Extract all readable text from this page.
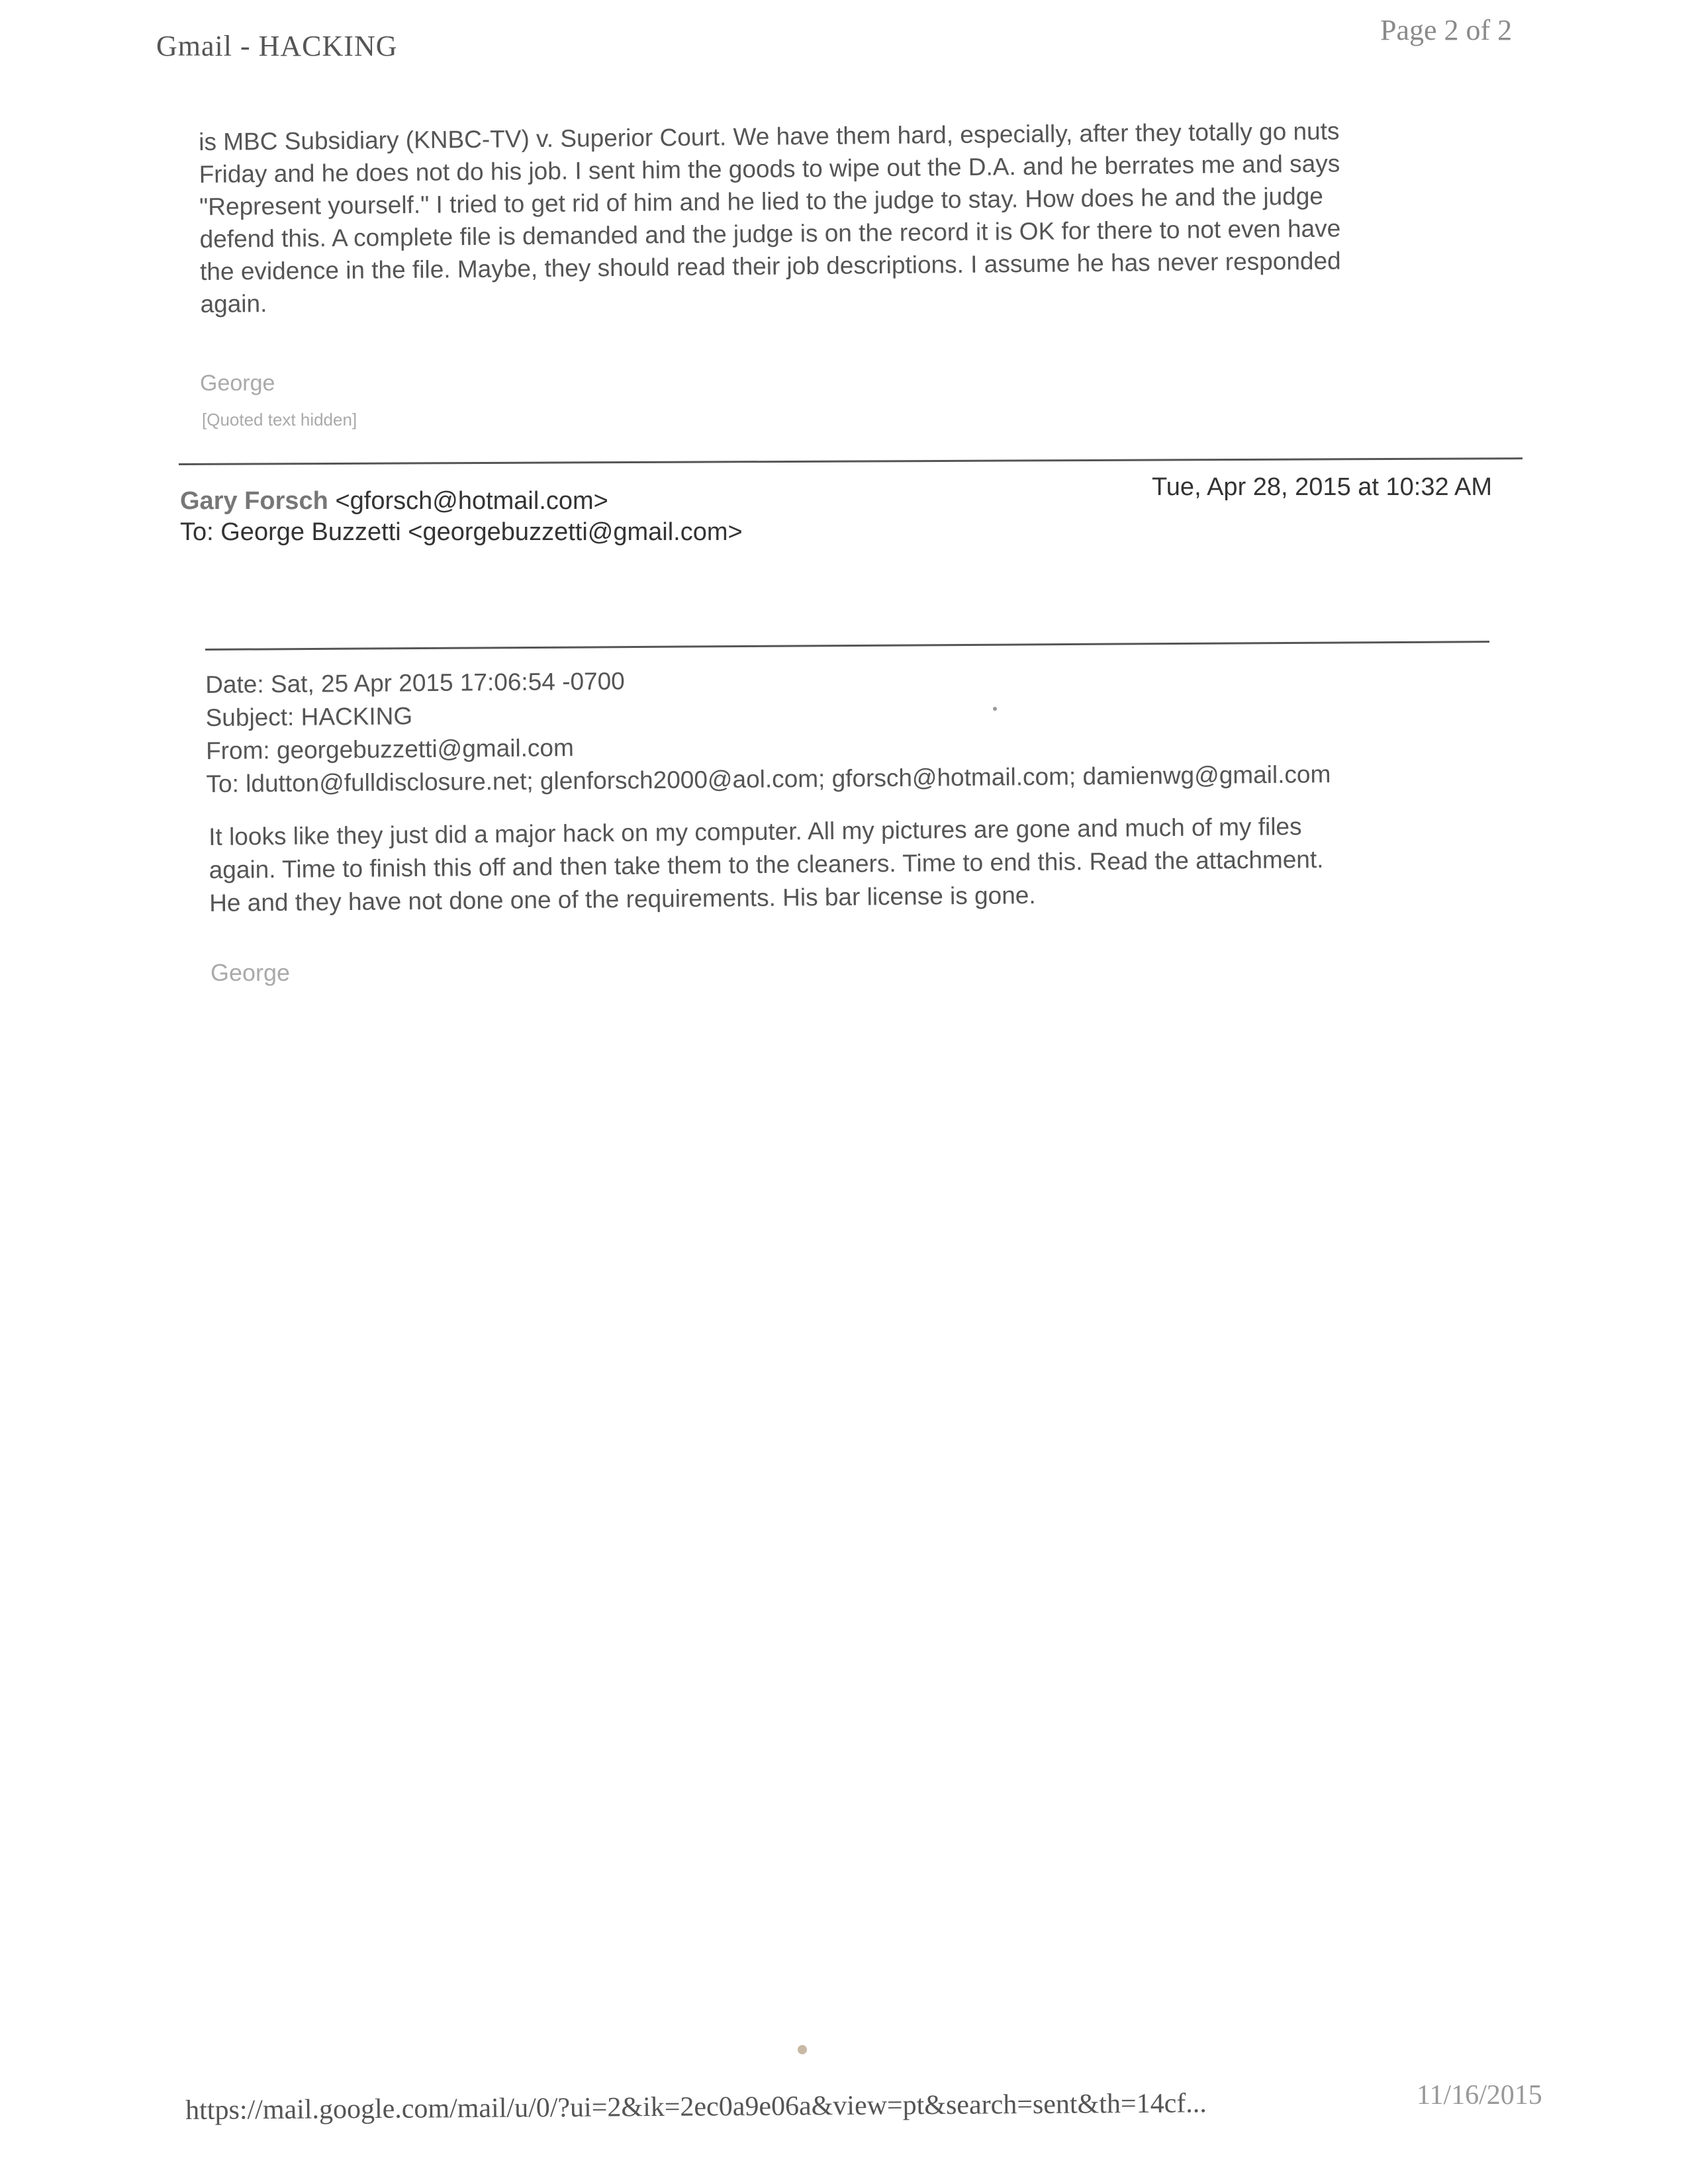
Gmail - HACKING	Page 2 of 2

is MBC Subsidiary (KNBC-TV) v. Superior Court. We have them hard, especially, after they totally go nuts

Friday and he does not do his job. I sent him the goods to wipe out the D.A. and he berrates me and says

"Represent yourself." I tried to get rid of him and he lied to the judge to stay. How does he and the judge

defend this. A complete file is demanded and the judge is on the record it is OK for there to not even have

the evidence in the file. Maybe, they should read their job descriptions. I assume he has never responded

again.

George
[Quoted text hidden]
Gary Forsch <gforsch@hotmail.com>	Tue, Apr 28, 2015 at 10:32 AM
To: George Buzzetti <georgebuzzetti@gmail.com>
Date: Sat, 25 Apr 2015 17:06:54 -0700
Subject: HACKING
From: georgebuzzetti@gmail.com
To: ldutton@fulldisclosure.net; glenforsch2000@aol.com; gforsch@hotmail.com; damienwg@gmail.com

It looks like they just did a major hack on my computer. All my pictures are gone and much of my files

again. Time to finish this off and then take them to the cleaners. Time to end this. Read the attachment.

He and they have not done one of the requirements. His bar license is gone.

George
https://mail.google.com/mail/u/0/?ui=2&ik=2ec0a9e06a&view=pt&search=sent&th=14cf...	11/16/2015
